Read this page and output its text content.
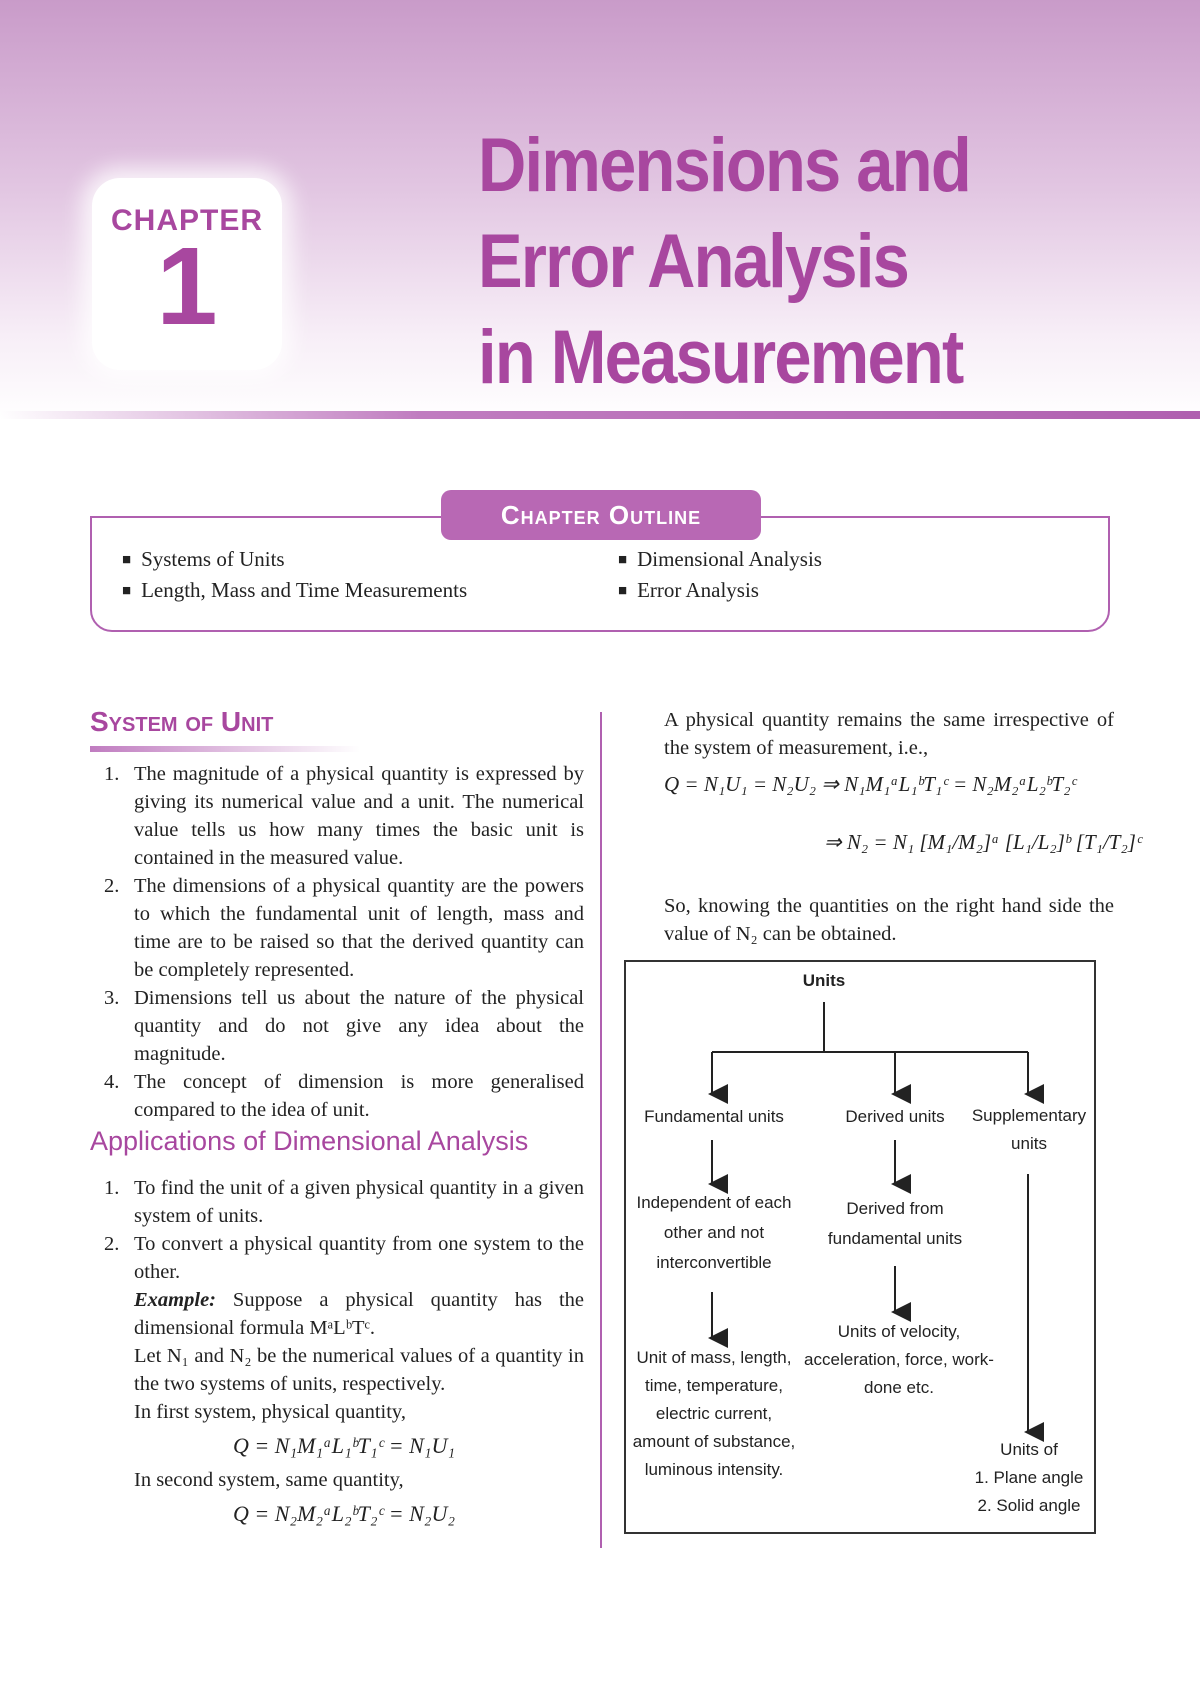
CHAPTER
1
Dimensions and
Error Analysis
in Measurement
Chapter Outline
■ Systems of Units
■ Length, Mass and Time Measurements
■ Dimensional Analysis
■ Error Analysis
System of Unit
1. The magnitude of a physical quantity is expressed by giving its numerical value and a unit. The numerical value tells us how many times the basic unit is contained in the measured value.
2. The dimensions of a physical quantity are the powers to which the fundamental unit of length, mass and time are to be raised so that the derived quantity can be completely represented.
3. Dimensions tell us about the nature of the physical quantity and do not give any idea about the magnitude.
4. The concept of dimension is more generalised compared to the idea of unit.
Applications of Dimensional Analysis
1. To find the unit of a given physical quantity in a given system of units.
2. To convert a physical quantity from one system to the other.
Example: Suppose a physical quantity has the dimensional formula MᵃLᵇTᶜ.
Let N₁ and N₂ be the numerical values of a quantity in the two systems of units, respectively.
In first system, physical quantity,
Q = N₁M₁ᵃL₁ᵇT₁ᶜ = N₁U₁
In second system, same quantity,
Q = N₂M₂ᵃL₂ᵇT₂ᶜ = N₂U₂
A physical quantity remains the same irrespective of the system of measurement, i.e.,
Q = N₁U₁ = N₂U₂ ⇒ N₁M₁ᵃL₁ᵇT₁ᶜ = N₂M₂ᵃL₂ᵇT₂ᶜ
⇒ N₂ = N₁ [M₁/M₂]ᵃ [L₁/L₂]ᵇ [T₁/T₂]ᶜ
So, knowing the quantities on the right hand side the value of N₂ can be obtained.
Units
Fundamental units	Derived units	Supplementary units
Independent of each other and not interconvertible
Derived from fundamental units
Unit of mass, length, time, temperature, electric current, amount of substance, luminous intensity.
Units of velocity, acceleration, force, work-done etc.
Units of
1. Plane angle
2. Solid angle
